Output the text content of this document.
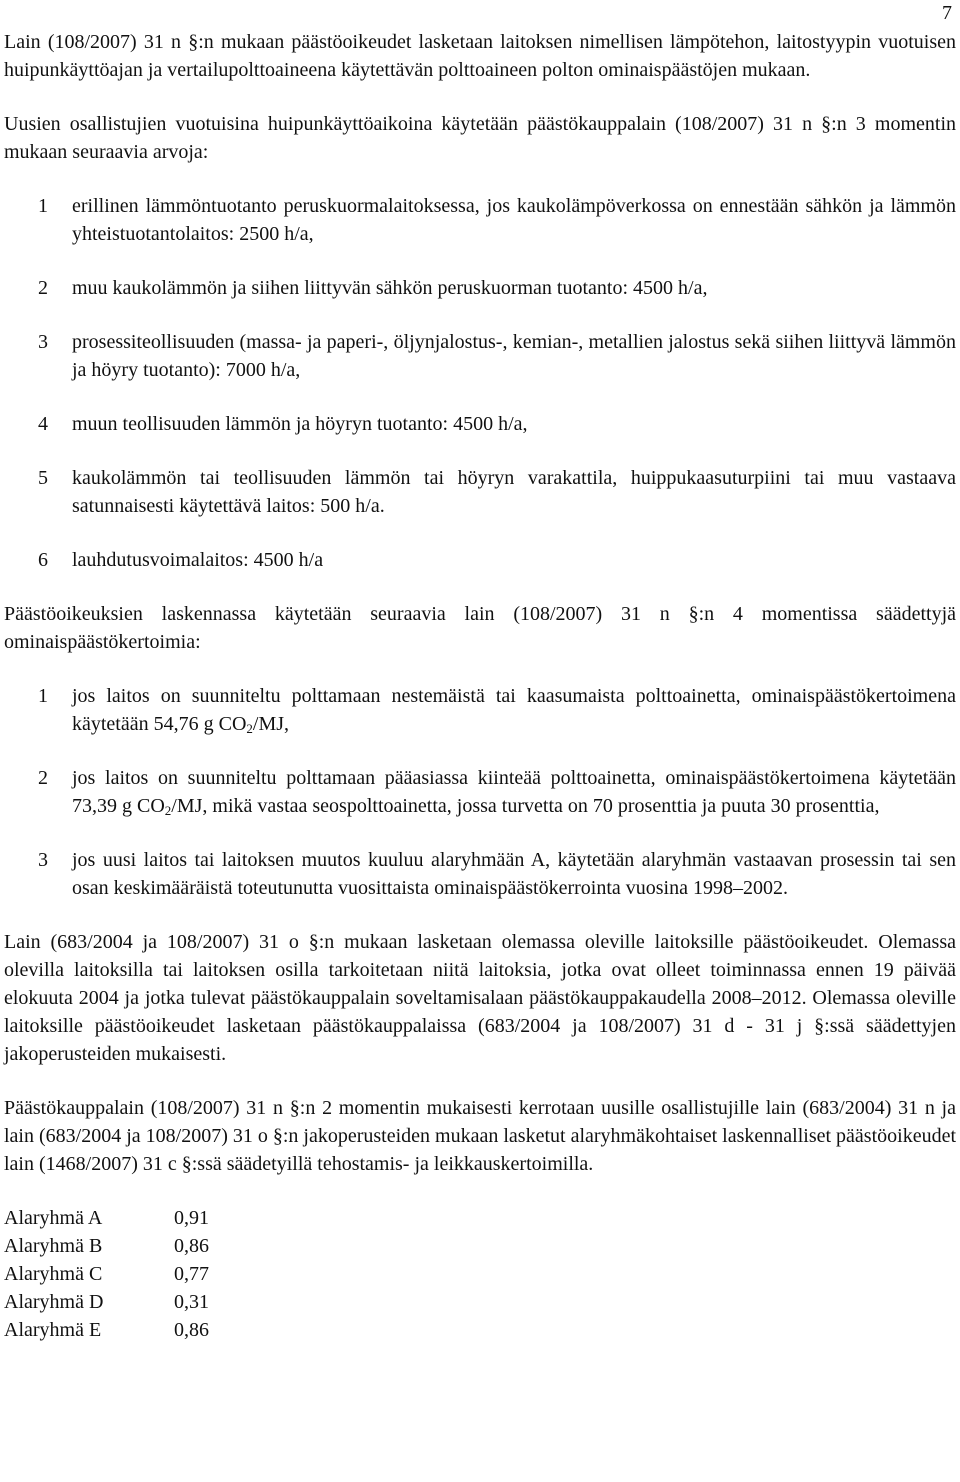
7

Lain (108/2007) 31 n §:n mukaan päästöoikeudet lasketaan laitoksen nimellisen lämpötehon, laitostyypin vuotuisen huipunkäyttöajan ja vertailupolttoaineena käytettävän polttoaineen polton ominaispäästöjen mukaan.

Uusien osallistujien vuotuisina huipunkäyttöaikoina käytetään päästökauppalain (108/2007) 31 n §:n 3 momentin mukaan seuraavia arvoja:

1	erillinen lämmöntuotanto peruskuormalaitoksessa, jos kaukolämpöverkossa on ennestään sähkön ja lämmön yhteistuotantolaitos: 2500 h/a,
2	muu kaukolämmön ja siihen liittyvän sähkön peruskuorman tuotanto: 4500 h/a,
3	prosessiteollisuuden (massa- ja paperi-, öljynjalostus-, kemian-, metallien jalostus sekä siihen liittyvä lämmön ja höyry tuotanto): 7000 h/a,
4	muun teollisuuden lämmön ja höyryn tuotanto: 4500 h/a,
5	kaukolämmön tai teollisuuden lämmön tai höyryn varakattila, huippukaasuturpiini tai muu vastaava satunnaisesti käytettävä laitos: 500 h/a.
6	lauhdutusvoimalaitos: 4500 h/a

Päästöoikeuksien laskennassa käytetään seuraavia lain (108/2007) 31 n §:n 4 momentissa säädettyjä ominaispäästökertoimia:

1	jos laitos on suunniteltu polttamaan nestemäistä tai kaasumaista polttoainetta, ominaispäästökertoimena käytetään 54,76 g $CO_2/MJ$,
2	jos laitos on suunniteltu polttamaan pääasiassa kiinteää polttoainetta, ominaispäästökertoimena käytetään 73,39 g $CO_2/MJ$, mikä vastaa seospolttoainetta, jossa turvetta on 70 prosenttia ja puuta 30 prosenttia,
3	jos uusi laitos tai laitoksen muutos kuuluu alaryhmään A, käytetään alaryhmän vastaavan prosessin tai sen osan keskimääräistä toteutunutta vuosittaista ominaispäästökerrointa vuosina 1998–2002.

Lain (683/2004 ja 108/2007) 31 o §:n mukaan lasketaan olemassa oleville laitoksille päästöoikeudet. Olemassa olevilla laitoksilla tai laitoksen osilla tarkoitetaan niitä laitoksia, jotka ovat olleet toiminnassa ennen 19 päivää elokuuta 2004 ja jotka tulevat päästökauppalain soveltamisalaan päästökauppakaudella 2008–2012. Olemassa oleville laitoksille päästöoikeudet lasketaan päästökauppalaissa (683/2004 ja 108/2007) 31 d - 31 j §:ssä säädettyjen jakoperusteiden mukaisesti.

Päästökauppalain (108/2007) 31 n §:n 2 momentin mukaisesti kerrotaan uusille osallistujille lain (683/2004) 31 n ja lain (683/2004 ja 108/2007) 31 o §:n jakoperusteiden mukaan lasketut alaryhmäkohtaiset laskennalliset päästöoikeudet lain (1468/2007) 31 c §:ssä säädetyillä tehostamis- ja leikkauskertoimilla.

Alaryhmä A	0,91
Alaryhmä B	0,86
Alaryhmä C	0,77
Alaryhmä D	0,31
Alaryhmä E	0,86
